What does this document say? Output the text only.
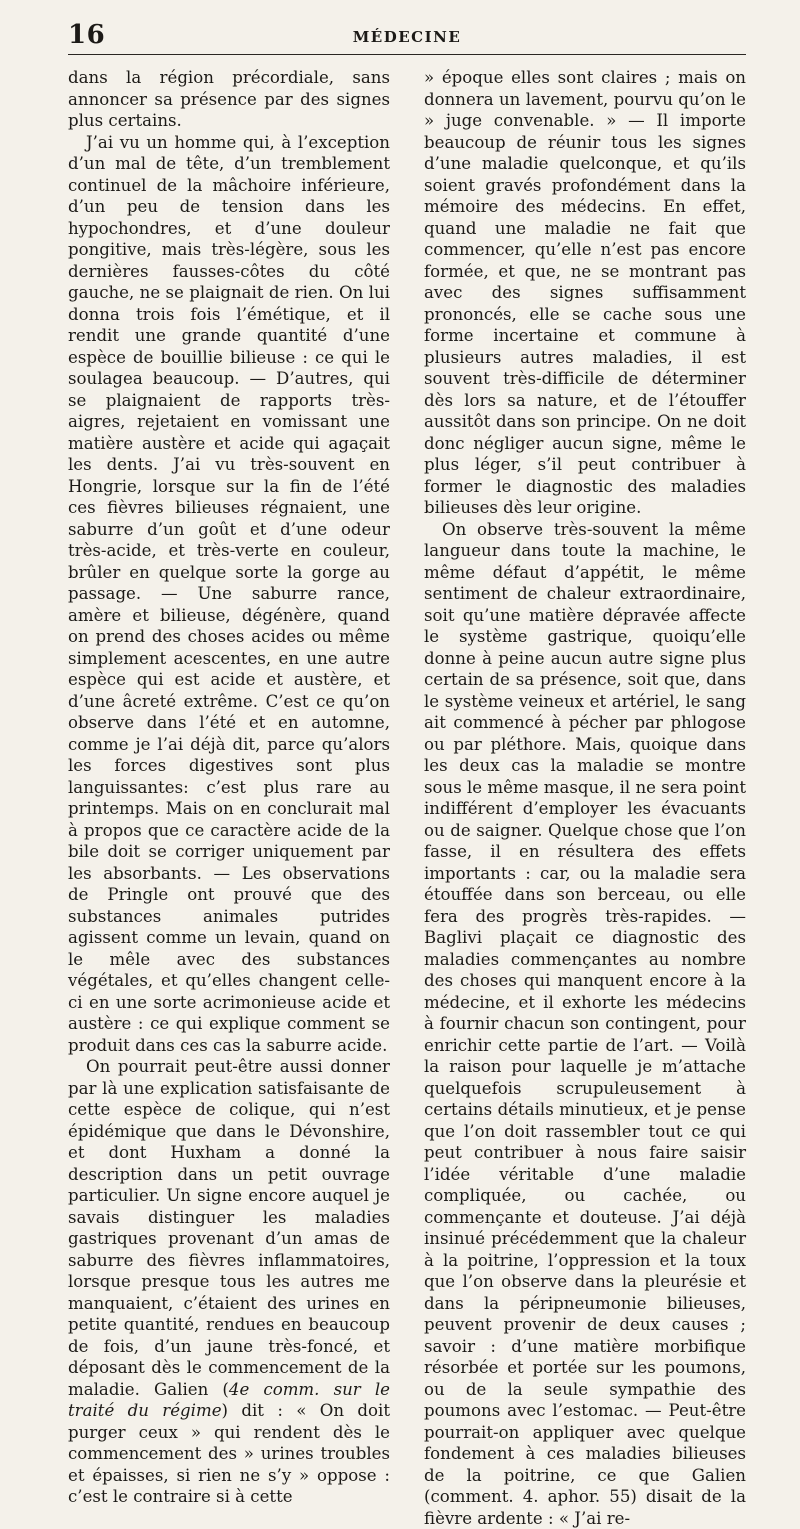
16	MÉDECINE

dans la région précordiale, sans annoncer sa présence par des signes plus certains.

J’ai vu un homme qui, à l’exception d’un mal de tête, d’un tremblement continuel de la mâchoire inférieure, d’un peu de tension dans les hypochondres, et d’une douleur pongitive, mais très-légère, sous les dernières fausses-côtes du côté gauche, ne se plaignait de rien. On lui donna trois fois l’émétique, et il rendit une grande quantité d’une espèce de bouillie bilieuse : ce qui le soulagea beaucoup. — D’autres, qui se plaignaient de rapports très-aigres, rejetaient en vomissant une matière austère et acide qui agaçait les dents. J’ai vu très-souvent en Hongrie, lorsque sur la fin de l’été ces fièvres bilieuses régnaient, une saburre d’un goût et d’une odeur très-acide, et très-verte en couleur, brûler en quelque sorte la gorge au passage. — Une saburre rance, amère et bilieuse, dégénère, quand on prend des choses acides ou même simplement acescentes, en une autre espèce qui est acide et austère, et d’une âcreté extrême. C’est ce qu’on observe dans l’été et en automne, comme je l’ai déjà dit, parce qu’alors les forces digestives sont plus languissantes: c’est plus rare au printemps. Mais on en conclurait mal à propos que ce caractère acide de la bile doit se corriger uniquement par les absorbants. — Les observations de Pringle ont prouvé que des substances animales putrides agissent comme un levain, quand on le mêle avec des substances végétales, et qu’elles changent celle-ci en une sorte acrimonieuse acide et austère : ce qui explique comment se produit dans ces cas la saburre acide.

On pourrait peut-être aussi donner par là une explication satisfaisante de cette espèce de colique, qui n’est épidémique que dans le Dévonshire, et dont Huxham a donné la description dans un petit ouvrage particulier. Un signe encore auquel je savais distinguer les maladies gastriques provenant d’un amas de saburre des fièvres inflammatoires, lorsque presque tous les autres me manquaient, c’étaient des urines en petite quantité, rendues en beaucoup de fois, d’un jaune très-foncé, et déposant dès le commencement de la maladie. Galien (4e comm. sur le traité du régime) dit : « On doit purger ceux » qui rendent dès le commencement des » urines troubles et épaisses, si rien ne s’y » oppose : c’est le contraire si à cette

» époque elles sont claires ; mais on donnera un lavement, pourvu qu’on le » juge convenable. » — Il importe beaucoup de réunir tous les signes d’une maladie quelconque, et qu’ils soient gravés profondément dans la mémoire des médecins. En effet, quand une maladie ne fait que commencer, qu’elle n’est pas encore formée, et que, ne se montrant pas avec des signes suffisamment prononcés, elle se cache sous une forme incertaine et commune à plusieurs autres maladies, il est souvent très-difficile de déterminer dès lors sa nature, et de l’étouffer aussitôt dans son principe. On ne doit donc négliger aucun signe, même le plus léger, s’il peut contribuer à former le diagnostic des maladies bilieuses dès leur origine.

On observe très-souvent la même langueur dans toute la machine, le même défaut d’appétit, le même sentiment de chaleur extraordinaire, soit qu’une matière dépravée affecte le système gastrique, quoiqu’elle donne à peine aucun autre signe plus certain de sa présence, soit que, dans le système veineux et artériel, le sang ait commencé à pécher par phlogose ou par pléthore. Mais, quoique dans les deux cas la maladie se montre sous le même masque, il ne sera point indifférent d’employer les évacuants ou de saigner. Quelque chose que l’on fasse, il en résultera des effets importants : car, ou la maladie sera étouffée dans son berceau, ou elle fera des progrès très-rapides. — Baglivi plaçait ce diagnostic des maladies commençantes au nombre des choses qui manquent encore à la médecine, et il exhorte les médecins à fournir chacun son contingent, pour enrichir cette partie de l’art. — Voilà la raison pour laquelle je m’attache quelquefois scrupuleusement à certains détails minutieux, et je pense que l’on doit rassembler tout ce qui peut contribuer à nous faire saisir l’idée véritable d’une maladie compliquée, ou cachée, ou commençante et douteuse. J’ai déjà insinué précédemment que la chaleur à la poitrine, l’oppression et la toux que l’on observe dans la pleurésie et dans la péripneumonie bilieuses, peuvent provenir de deux causes ; savoir : d’une matière morbifique résorbée et portée sur les poumons, ou de la seule sympathie des poumons avec l’estomac. — Peut-être pourrait-on appliquer avec quelque fondement à ces maladies bilieuses de la poitrine, ce que Galien (comment. 4. aphor. 55) disait de la fièvre ardente : « J’ai re-
